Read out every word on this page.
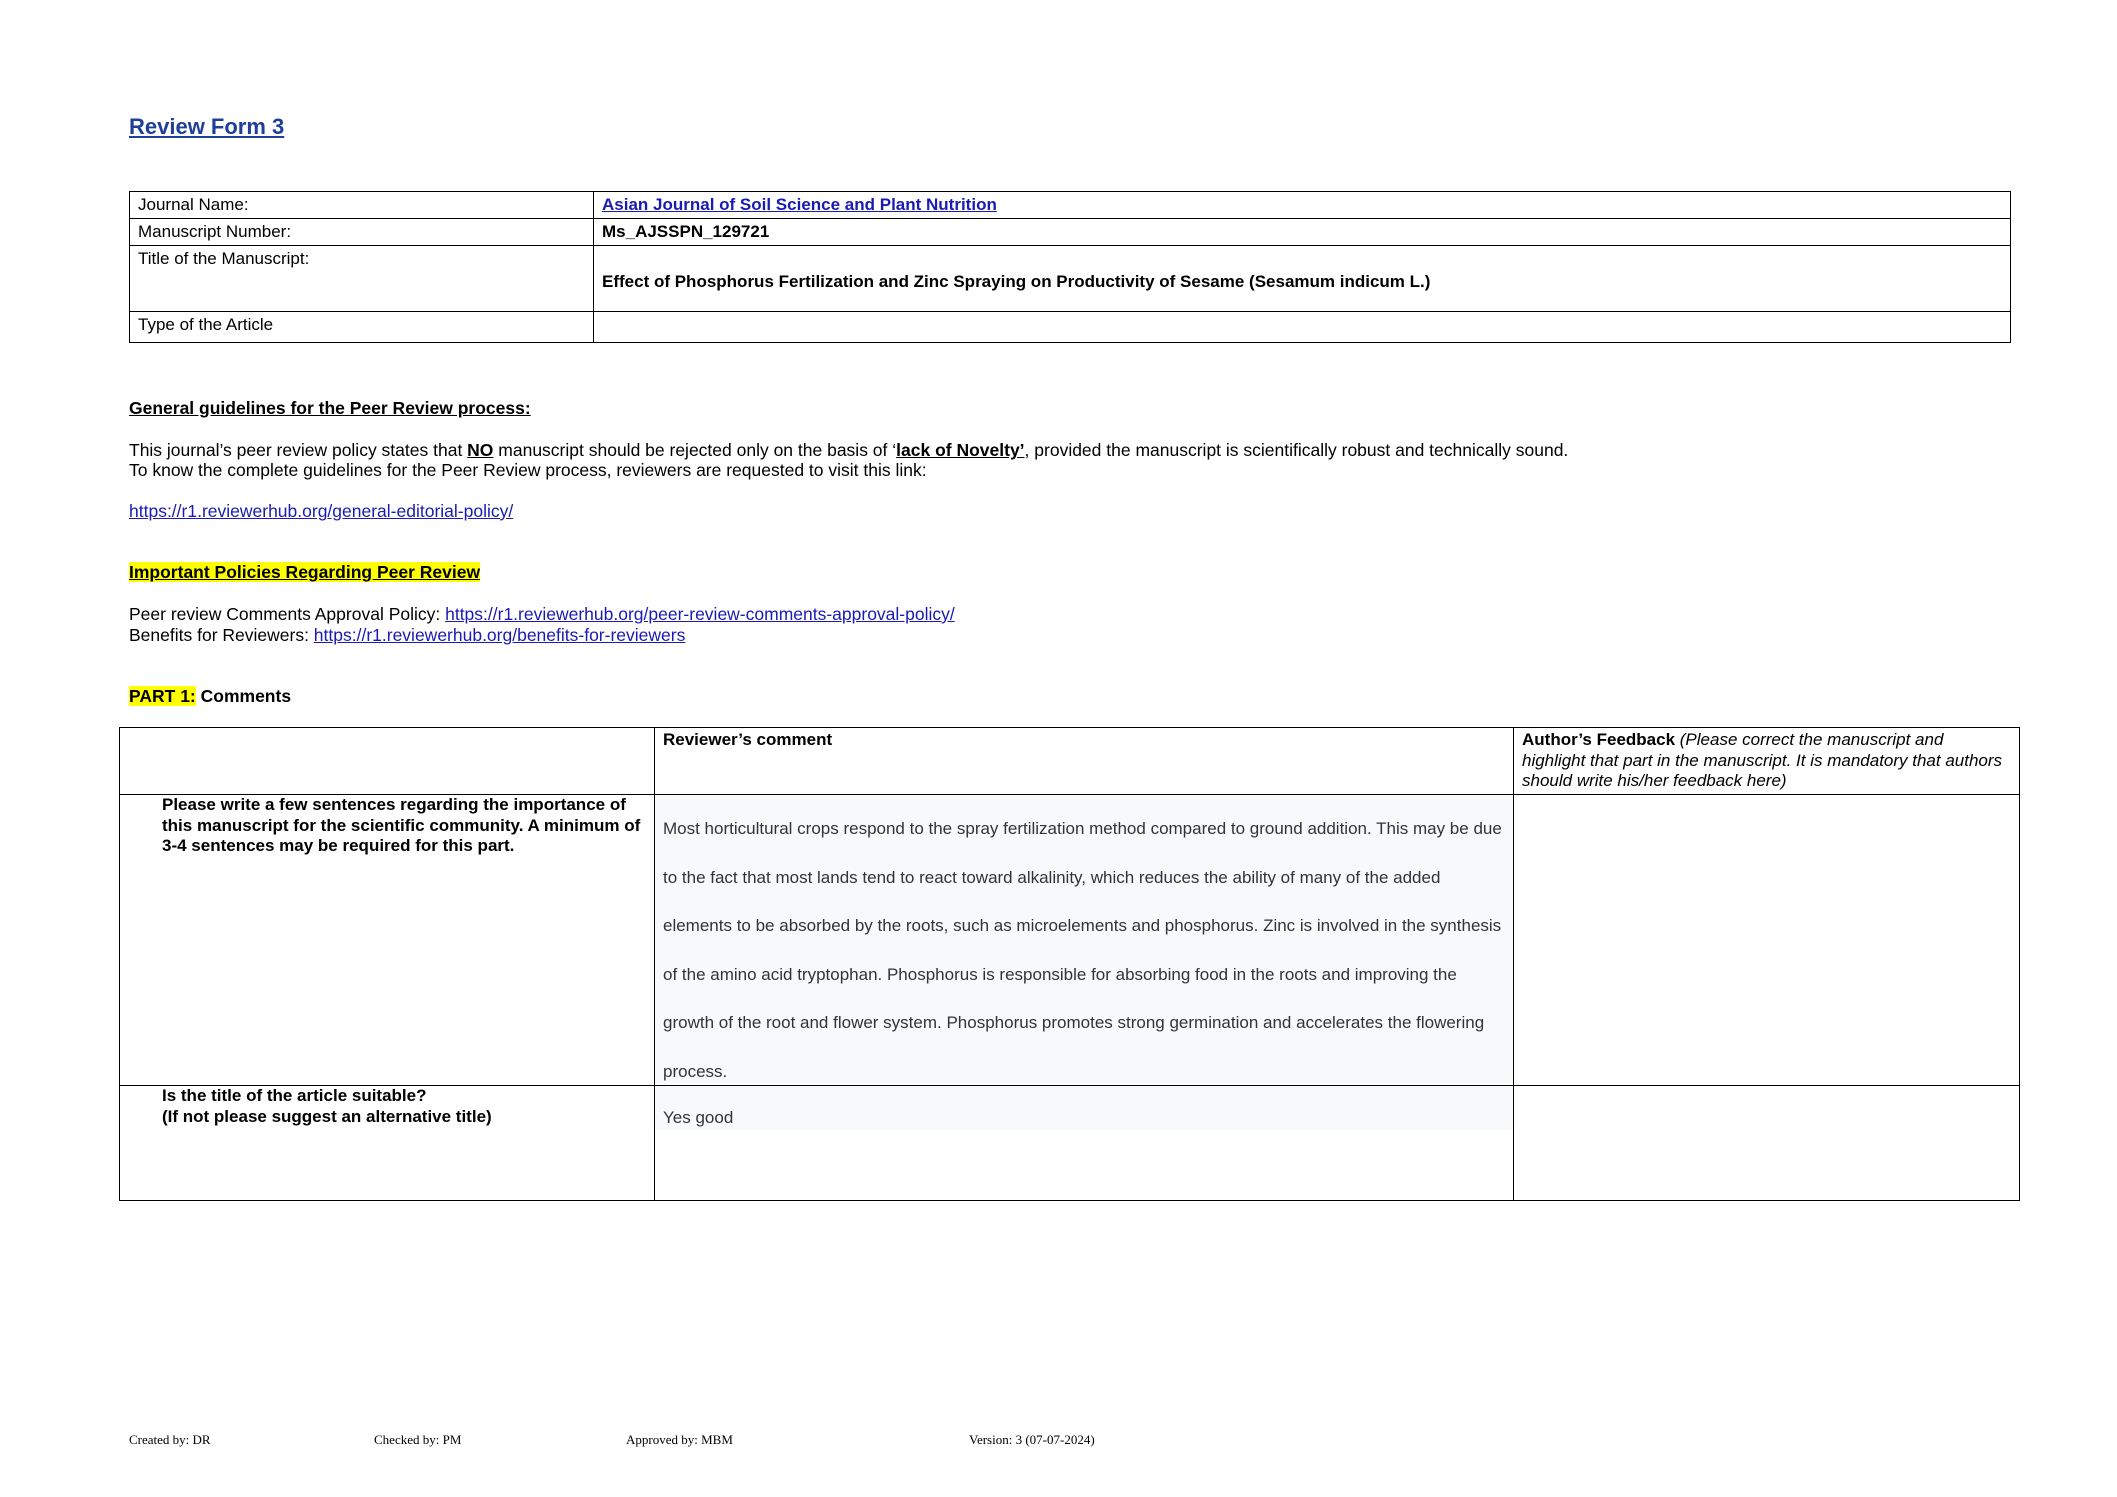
Review Form 3
Journal Name:	Asian Journal of Soil Science and Plant Nutrition
Manuscript Number:	Ms_AJSSPN_129721
Title of the Manuscript:	Effect of Phosphorus Fertilization and Zinc Spraying on Productivity of Sesame (Sesamum indicum L.)
Type of the Article	
General guidelines for the Peer Review process:
This journal’s peer review policy states that NO manuscript should be rejected only on the basis of ‘lack of Novelty’, provided the manuscript is scientifically robust and technically sound.
To know the complete guidelines for the Peer Review process, reviewers are requested to visit this link:
https://r1.reviewerhub.org/general-editorial-policy/
Important Policies Regarding Peer Review
Peer review Comments Approval Policy: https://r1.reviewerhub.org/peer-review-comments-approval-policy/
Benefits for Reviewers: https://r1.reviewerhub.org/benefits-for-reviewers
PART 1: Comments
	Reviewer’s comment	Author’s Feedback (Please correct the manuscript and highlight that part in the manuscript. It is mandatory that authors should write his/her feedback here)
Please write a few sentences regarding the importance of this manuscript for the scientific community. A minimum of 3-4 sentences may be required for this part.	Most horticultural crops respond to the spray fertilization method compared to ground addition. This may be due to the fact that most lands tend to react toward alkalinity, which reduces the ability of many of the added elements to be absorbed by the roots, such as microelements and phosphorus. Zinc is involved in the synthesis of the amino acid tryptophan. Phosphorus is responsible for absorbing food in the roots and improving the growth of the root and flower system. Phosphorus promotes strong germination and accelerates the flowering process.	

Is the title of the article suitable?
(If not please suggest an alternative title)	Yes good	

Created by: DR	Checked by: PM	Approved by: MBM	Version: 3 (07-07-2024)
